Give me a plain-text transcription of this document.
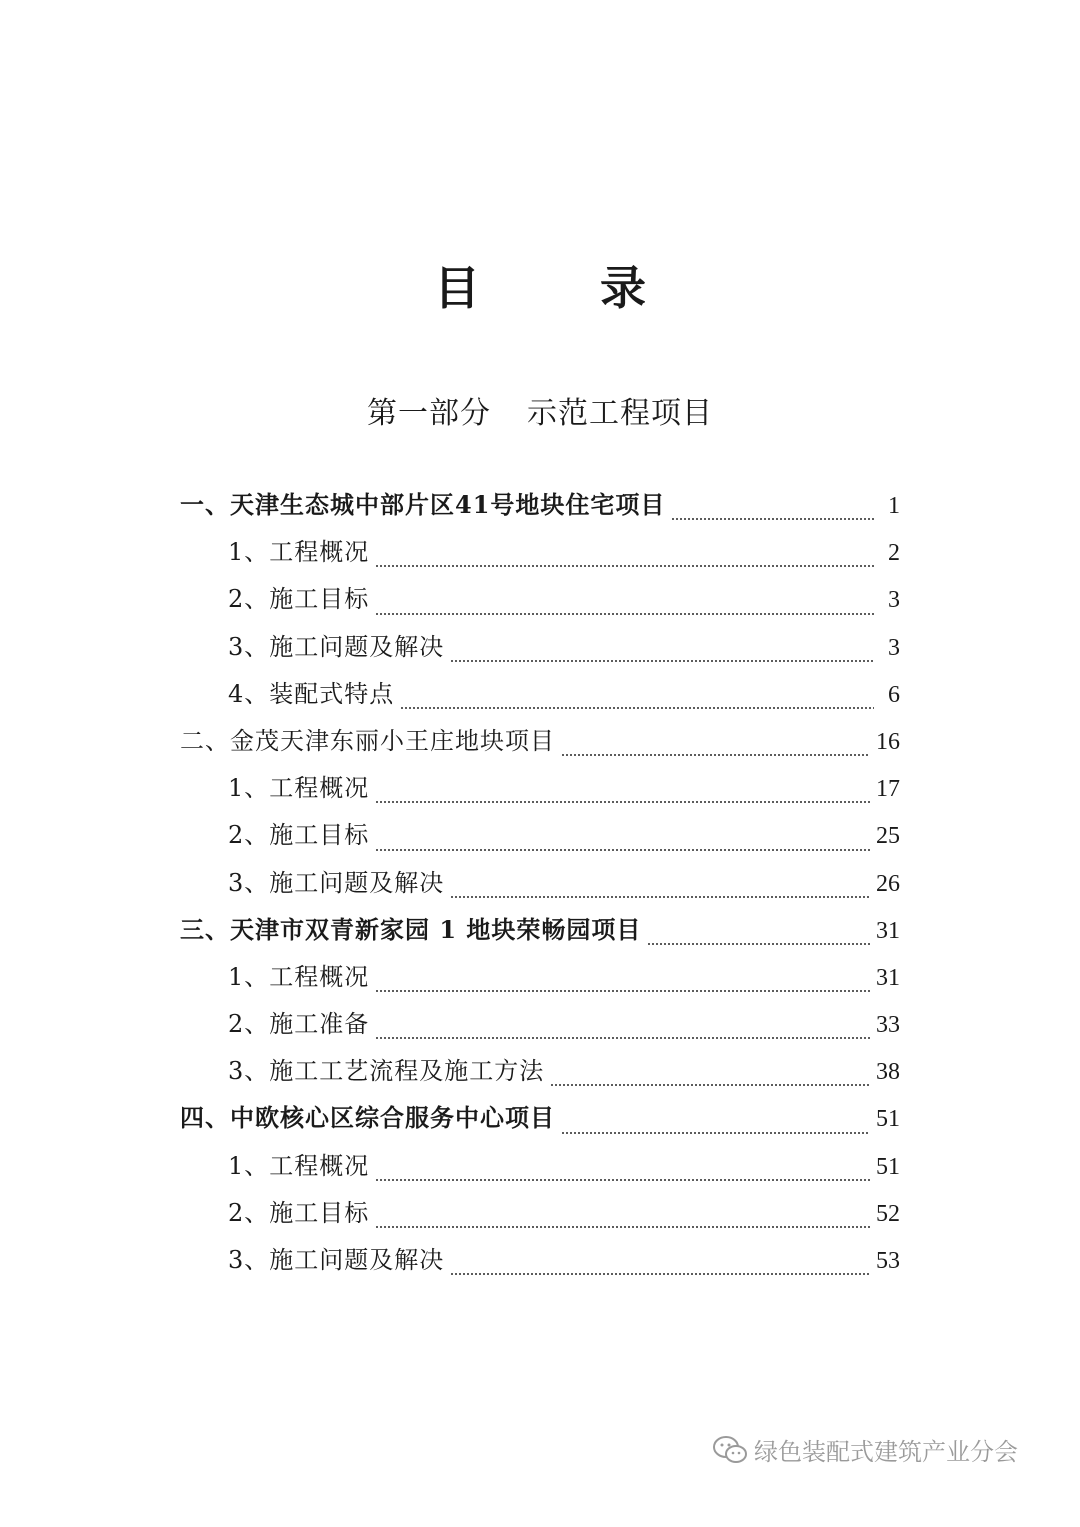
目 录
第一部分 示范工程项目
一、天津生态城中部片区41号地块住宅项目	1
1、工程概况	2
2、施工目标	3
3、施工问题及解决	3
4、装配式特点	6
二、金茂天津东丽小王庄地块项目	16
1、工程概况	17
2、施工目标	25
3、施工问题及解决	26
三、天津市双青新家园 1 地块荣畅园项目	31
1、工程概况	31
2、施工准备	33
3、施工工艺流程及施工方法	38
四、中欧核心区综合服务中心项目	51
1、工程概况	51
2、施工目标	52
3、施工问题及解决	53
绿色装配式建筑产业分会
